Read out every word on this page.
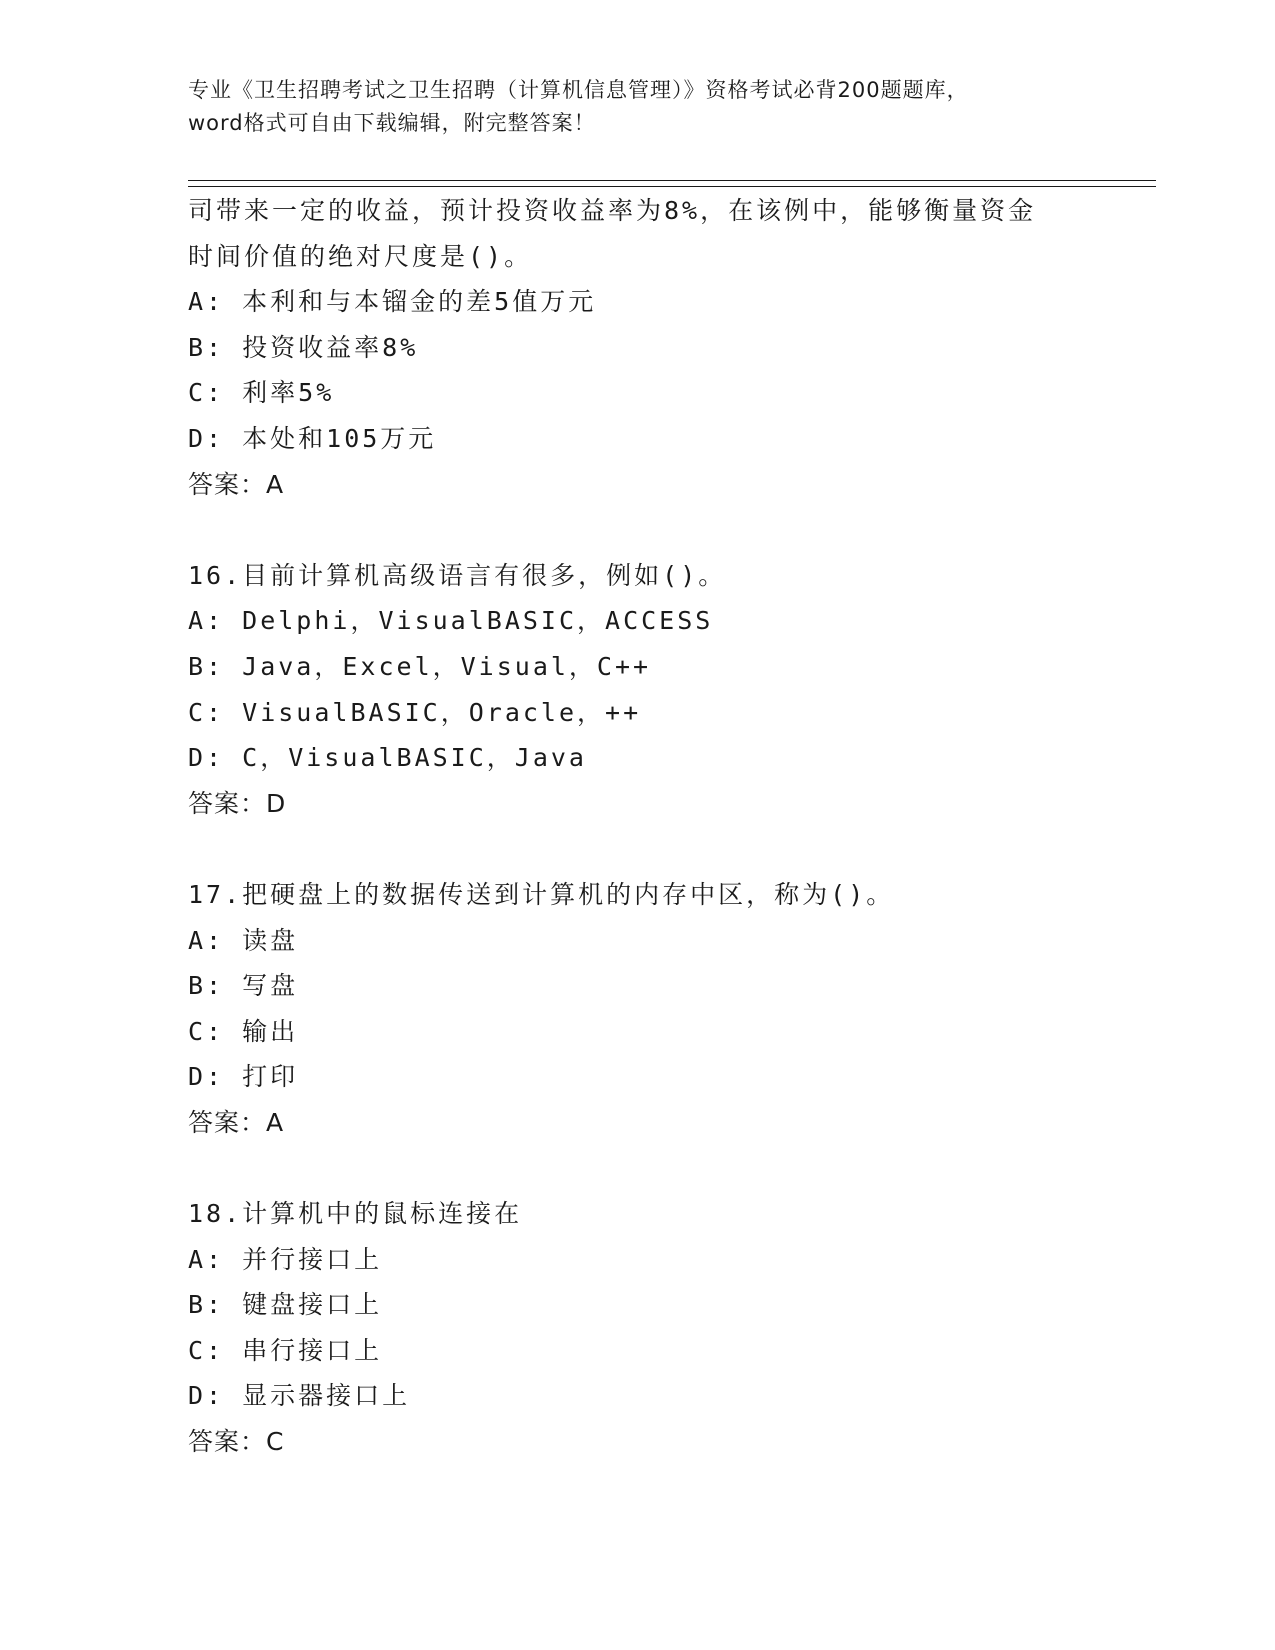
专业《卫生招聘考试之卫生招聘（计算机信息管理）》资格考试必背200题题库，
word格式可自由下载编辑，附完整答案！
司带来一定的收益，预计投资收益率为8%，在该例中，能够衡量资金
时间价值的绝对尺度是()。
A: 本利和与本镏金的差5值万元
B: 投资收益率8%
C: 利率5%
D: 本处和105万元
答案：A
16.目前计算机高级语言有很多，例如()。
A: Delphi，VisualBASIC，ACCESS
B: Java，Excel，Visual，C++
C: VisualBASIC，Oracle，++
D: C，VisualBASIC，Java
答案：D
17.把硬盘上的数据传送到计算机的内存中区，称为()。
A: 读盘
B: 写盘
C: 输出
D: 打印
答案：A
18.计算机中的鼠标连接在
A: 并行接口上
B: 键盘接口上
C: 串行接口上
D: 显示器接口上
答案：C
